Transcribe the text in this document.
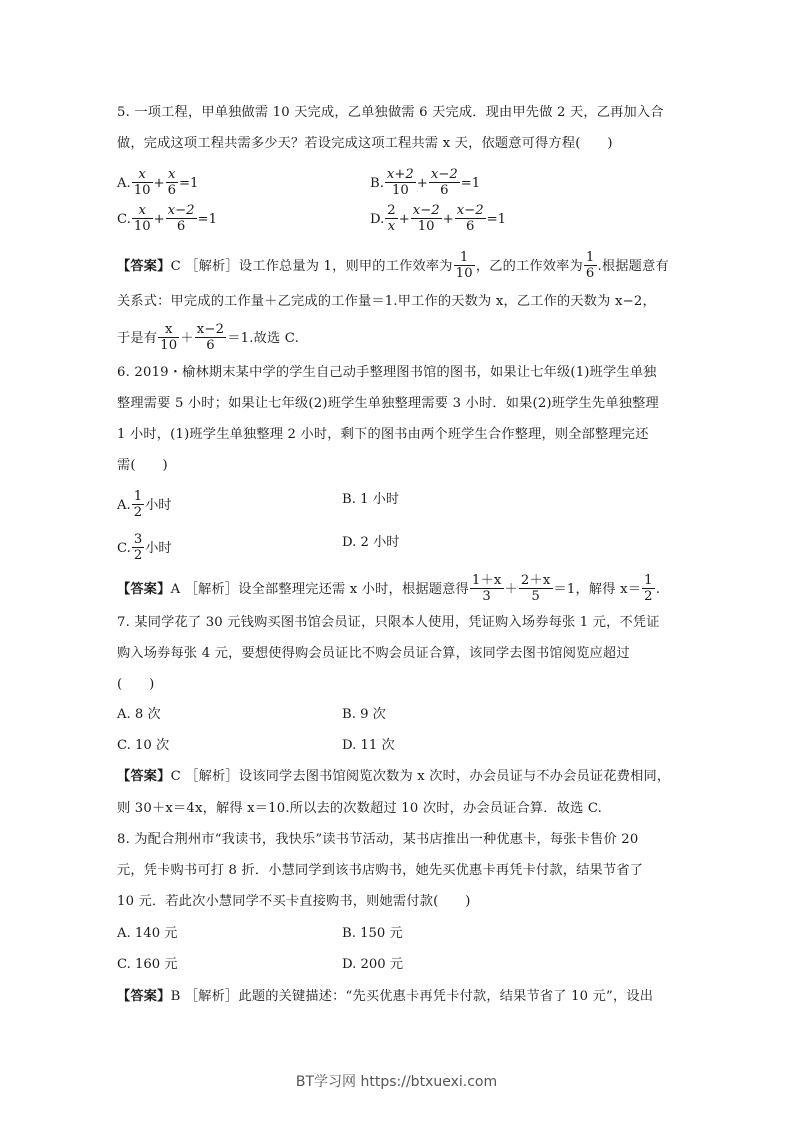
5. 一项工程，甲单独做需 10 天完成，乙单独做需 6 天完成．现由甲先做 2 天，乙再加入合
做，完成这项工程共需多少天？若设完成这项工程共需 x 天，依题意可得方程(　　)
A. $\frac{x}{10} + \frac{x}{6} =1$	B. $\frac{x+2}{10} + \frac{x-2}{6} =1$
C. $\frac{x}{10} + \frac{x-2}{6} =1$	D. $\frac{2}{x} + \frac{x-2}{10} + \frac{x-2}{6} =1$
【答案】C ［解析］设工作总量为 1，则甲的工作效率为 $\frac{1}{10}$ ，乙的工作效率为 $\frac{1}{6}$ .根据题意有
关系式：甲完成的工作量＋乙完成的工作量＝1.甲工作的天数为 x，乙工作的天数为 x−2，
于是有 $\frac{x}{10} + \frac{x-2}{6} =1$.故选 C.
6. 2019・榆林期末某中学的学生自己动手整理图书馆的图书，如果让七年级(1)班学生单独
整理需要 5 小时；如果让七年级(2)班学生单独整理需要 3 小时．如果(2)班学生先单独整理
1 小时，(1)班学生单独整理 2 小时，剩下的图书由两个班学生合作整理，则全部整理完还
需(　　)
A. $\frac{1}{2}$ 小时	B. 1 小时
C. $\frac{3}{2}$ 小时	D. 2 小时
【答案】A ［解析］设全部整理完还需 x 小时，根据题意得 $\frac{1+x}{3} + \frac{2+x}{5} =1$，解得 $x= \frac{1}{2}$ .
7. 某同学花了 30 元钱购买图书馆会员证，只限本人使用，凭证购入场券每张 1 元，不凭证
购入场券每张 4 元，要想使得购会员证比不购会员证合算，该同学去图书馆阅览应超过
(　　)
A. 8 次	B. 9 次
C. 10 次	D. 11 次
【答案】C ［解析］设该同学去图书馆阅览次数为 x 次时，办会员证与不办会员证花费相同，
则 30＋x＝4x，解得 x＝10.所以去的次数超过 10 次时，办会员证合算．故选 C.
8. 为配合荆州市“我读书，我快乐”读书节活动，某书店推出一种优惠卡，每张卡售价 20
元，凭卡购书可打 8 折．小慧同学到该书店购书，她先买优惠卡再凭卡付款，结果节省了
10 元．若此次小慧同学不买卡直接购书，则她需付款(　　)
A. 140 元	B. 150 元
C. 160 元	D. 200 元
【答案】B ［解析］此题的关键描述：“先买优惠卡再凭卡付款，结果节省了 10 元”，设出
BT学习网 https://btxuexi.com
